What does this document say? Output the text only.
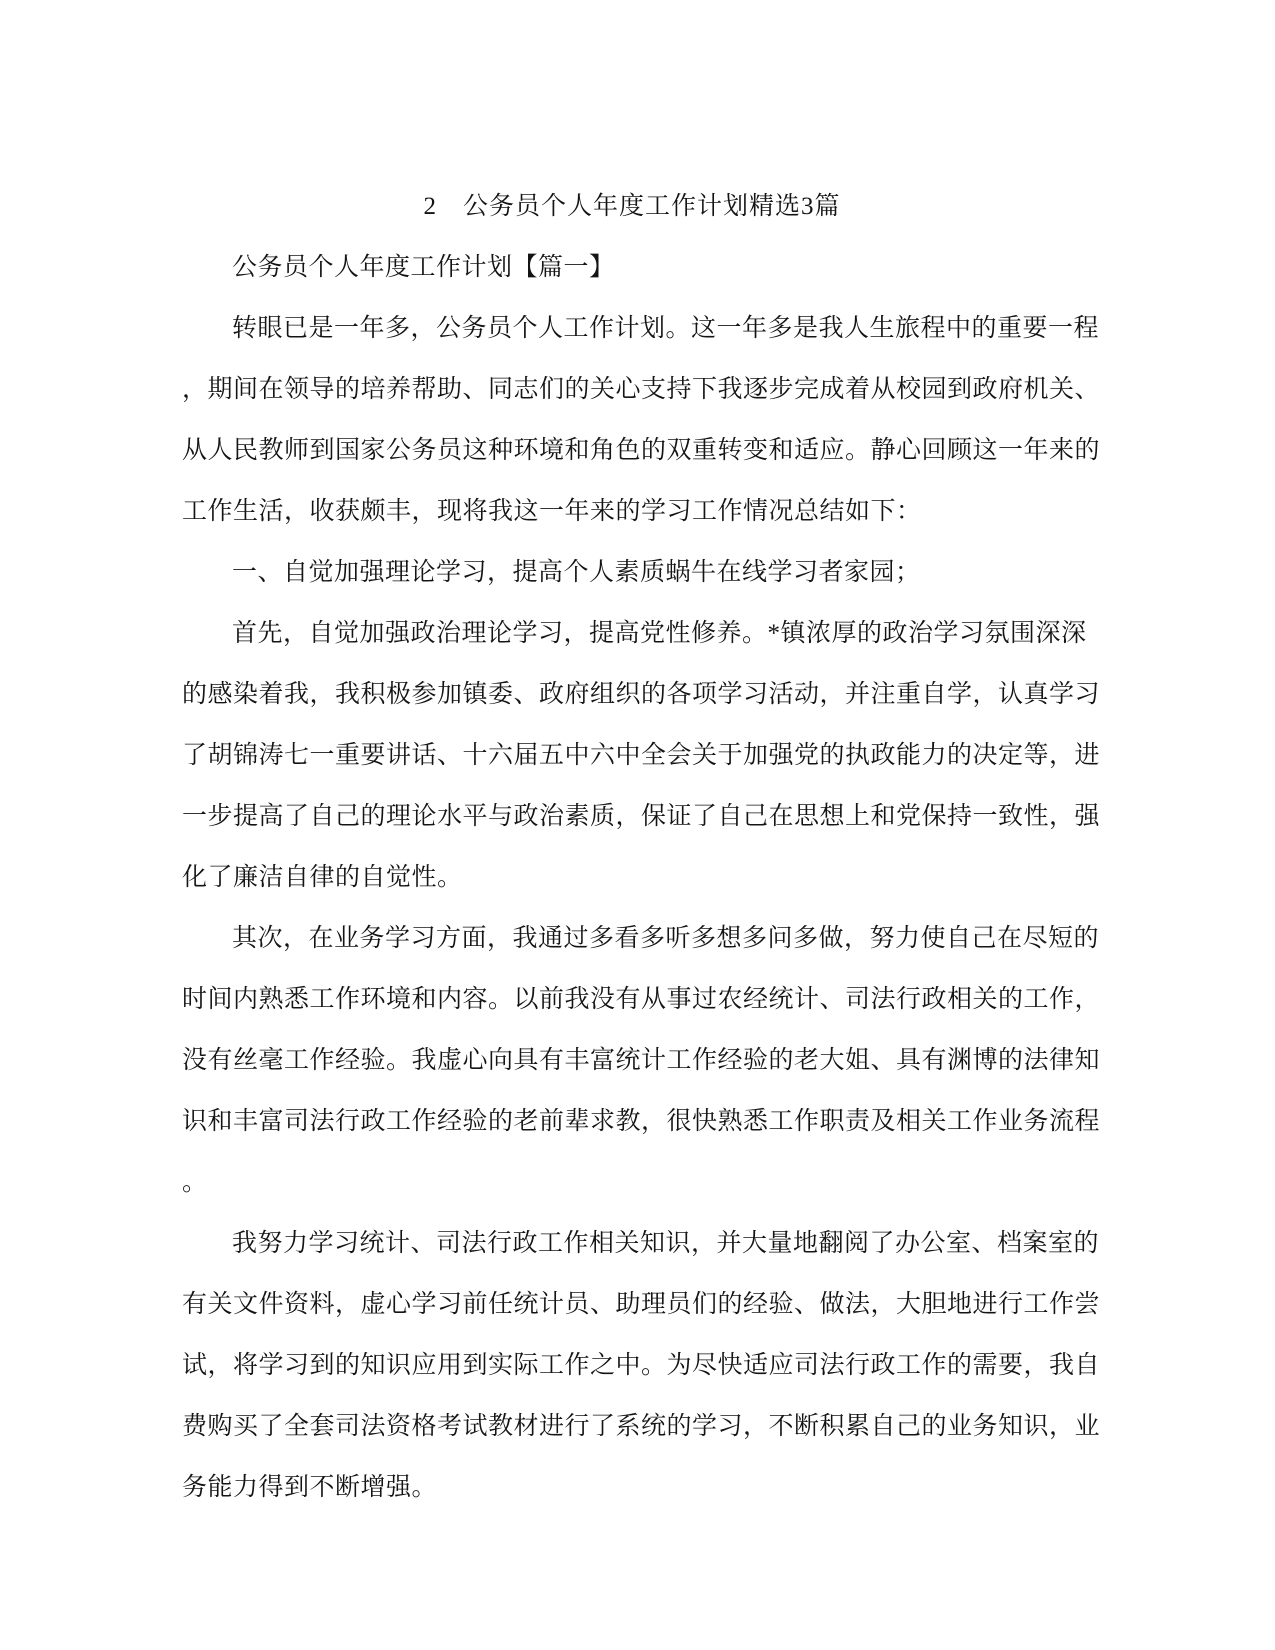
2　公务员个人年度工作计划精选3篇
公务员个人年度工作计划【篇一】
转眼已是一年多，公务员个人工作计划。这一年多是我人生旅程中的重要一程
，期间在领导的培养帮助、同志们的关心支持下我逐步完成着从校园到政府机关、
从人民教师到国家公务员这种环境和角色的双重转变和适应。静心回顾这一年来的
工作生活，收获颇丰，现将我这一年来的学习工作情况总结如下：
一、自觉加强理论学习，提高个人素质蜗牛在线学习者家园；
首先，自觉加强政治理论学习，提高党性修养。*镇浓厚的政治学习氛围深深
的感染着我，我积极参加镇委、政府组织的各项学习活动，并注重自学，认真学习
了胡锦涛七一重要讲话、十六届五中六中全会关于加强党的执政能力的决定等，进
一步提高了自己的理论水平与政治素质，保证了自己在思想上和党保持一致性，强
化了廉洁自律的自觉性。
其次，在业务学习方面，我通过多看多听多想多问多做，努力使自己在尽短的
时间内熟悉工作环境和内容。以前我没有从事过农经统计、司法行政相关的工作，
没有丝毫工作经验。我虚心向具有丰富统计工作经验的老大姐、具有渊博的法律知
识和丰富司法行政工作经验的老前辈求教，很快熟悉工作职责及相关工作业务流程
。
我努力学习统计、司法行政工作相关知识，并大量地翻阅了办公室、档案室的
有关文件资料，虚心学习前任统计员、助理员们的经验、做法，大胆地进行工作尝
试，将学习到的知识应用到实际工作之中。为尽快适应司法行政工作的需要，我自
费购买了全套司法资格考试教材进行了系统的学习，不断积累自己的业务知识，业
务能力得到不断增强。
